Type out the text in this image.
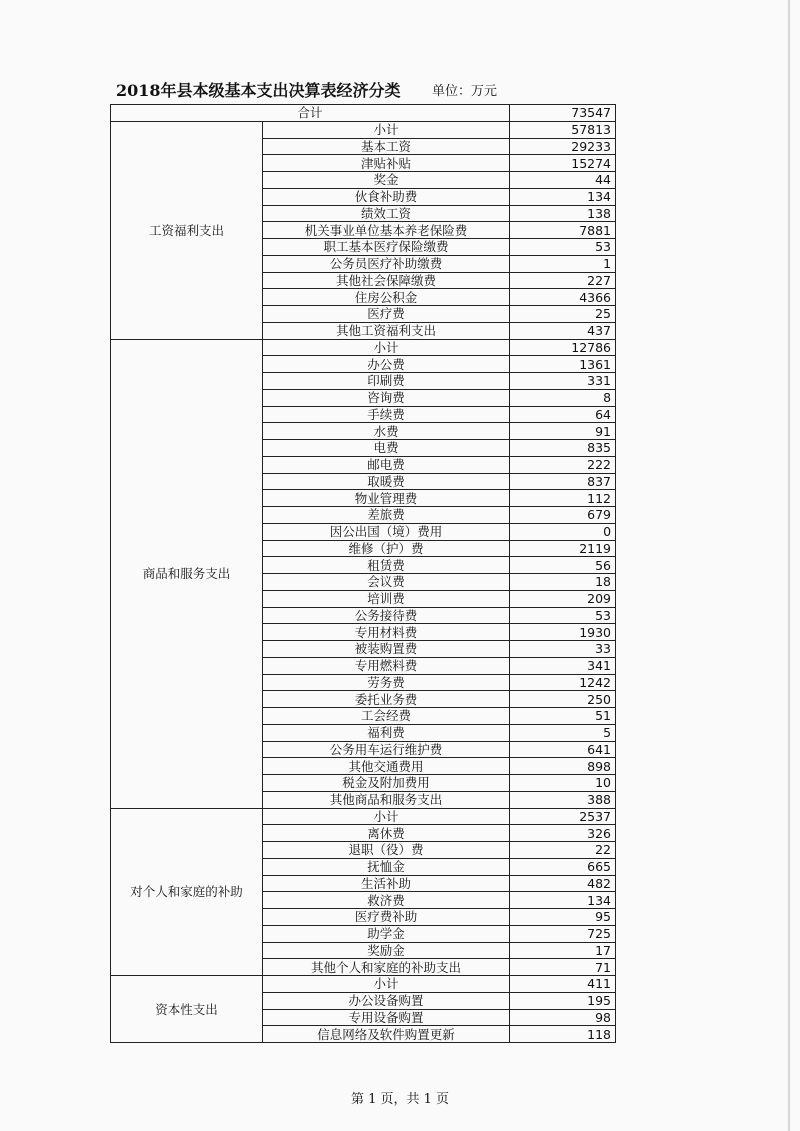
2018年县本级基本支出决算表经济分类 单位：万元
合计		73547
工资福利支出	小计	57813
	基本工资	29233
	津贴补贴	15274
	奖金	44
	伙食补助费	134
	绩效工资	138
	机关事业单位基本养老保险费	7881
	职工基本医疗保险缴费	53
	公务员医疗补助缴费	1
	其他社会保障缴费	227
	住房公积金	4366
	医疗费	25
	其他工资福利支出	437
商品和服务支出	小计	12786
	办公费	1361
	印刷费	331
	咨询费	8
	手续费	64
	水费	91
	电费	835
	邮电费	222
	取暖费	837
	物业管理费	112
	差旅费	679
	因公出国（境）费用	0
	维修（护）费	2119
	租赁费	56
	会议费	18
	培训费	209
	公务接待费	53
	专用材料费	1930
	被装购置费	33
	专用燃料费	341
	劳务费	1242
	委托业务费	250
	工会经费	51
	福利费	5
	公务用车运行维护费	641
	其他交通费用	898
	税金及附加费用	10
	其他商品和服务支出	388
对个人和家庭的补助	小计	2537
	离休费	326
	退职（役）费	22
	抚恤金	665
	生活补助	482
	救济费	134
	医疗费补助	95
	助学金	725
	奖励金	17
	其他个人和家庭的补助支出	71
资本性支出	小计	411
	办公设备购置	195
	专用设备购置	98
	信息网络及软件购置更新	118
第 1 页，共 1 页
